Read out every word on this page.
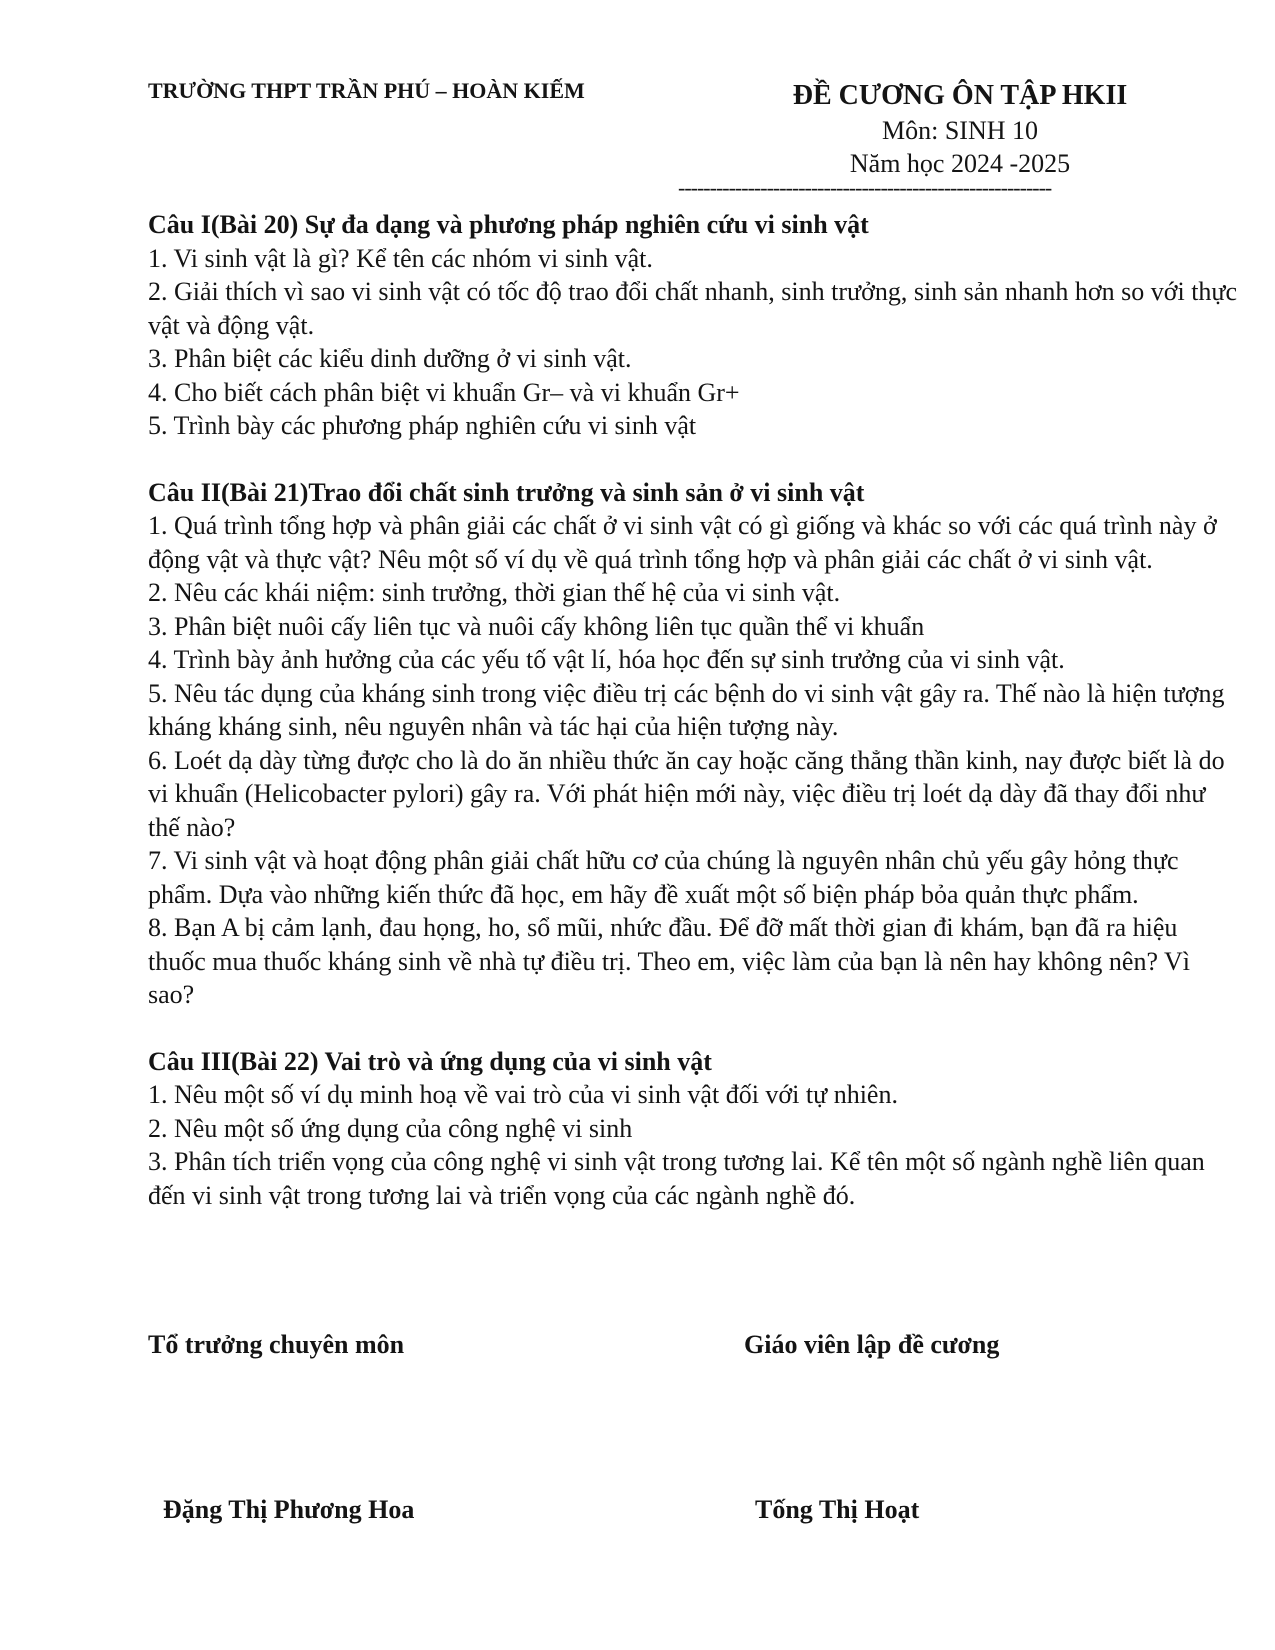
TRƯỜNG THPT TRẦN PHÚ – HOÀN KIẾM	ĐỀ CƯƠNG ÔN TẬP HKII
Môn: SINH 10
Năm học 2024 -2025
-----------------------------------------------------------
Câu I(Bài 20) Sự đa dạng và phương pháp nghiên cứu vi sinh vật
1. Vi sinh vật là gì? Kể tên các nhóm vi sinh vật.
2. Giải thích vì sao vi sinh vật có tốc độ trao đổi chất nhanh, sinh trưởng, sinh sản nhanh hơn so với thực vật và động vật.
3. Phân biệt các kiểu dinh dưỡng ở vi sinh vật.
4. Cho biết cách phân biệt vi khuẩn Gr– và vi khuẩn Gr+
5. Trình bày các phương pháp nghiên cứu vi sinh vật
Câu II(Bài 21)Trao đổi chất sinh trưởng và sinh sản ở vi sinh vật
1. Quá trình tổng hợp và phân giải các chất ở vi sinh vật có gì giống và khác so với các quá trình này ở động vật và thực vật? Nêu một số ví dụ về quá trình tổng hợp và phân giải các chất ở vi sinh vật.
2. Nêu các khái niệm: sinh trưởng, thời gian thế hệ của vi sinh vật.
3. Phân biệt nuôi cấy liên tục và nuôi cấy không liên tục quần thể vi khuẩn
4. Trình bày ảnh hưởng của các yếu tố vật lí, hóa học đến sự sinh trưởng của vi sinh vật.
5. Nêu tác dụng của kháng sinh trong việc điều trị các bệnh do vi sinh vật gây ra. Thế nào là hiện tượng kháng kháng sinh, nêu nguyên nhân và tác hại của hiện tượng này.
6. Loét dạ dày từng được cho là do ăn nhiều thức ăn cay hoặc căng thẳng thần kinh, nay được biết là do vi khuẩn (Helicobacter pylori) gây ra. Với phát hiện mới này, việc điều trị loét dạ dày đã thay đổi như thế nào?
7. Vi sinh vật và hoạt động phân giải chất hữu cơ của chúng là nguyên nhân chủ yếu gây hỏng thực phẩm. Dựa vào những kiến thức đã học, em hãy đề xuất một số biện pháp bỏa quản thực phẩm.
8. Bạn A bị cảm lạnh, đau họng, ho, sổ mũi, nhức đầu. Để đỡ mất thời gian đi khám, bạn đã ra hiệu thuốc mua thuốc kháng sinh về nhà tự điều trị. Theo em, việc làm của bạn là nên hay không nên? Vì sao?
Câu III(Bài 22) Vai trò và ứng dụng của vi sinh vật
1. Nêu một số ví dụ minh hoạ về vai trò của vi sinh vật đối với tự nhiên.
2. Nêu một số ứng dụng của công nghệ vi sinh
3. Phân tích triển vọng của công nghệ vi sinh vật trong tương lai. Kể tên một số ngành nghề liên quan đến vi sinh vật trong tương lai và triển vọng của các ngành nghề đó.
Tổ trưởng chuyên môn	Giáo viên lập đề cương
Đặng Thị Phương Hoa	Tống Thị Hoạt
